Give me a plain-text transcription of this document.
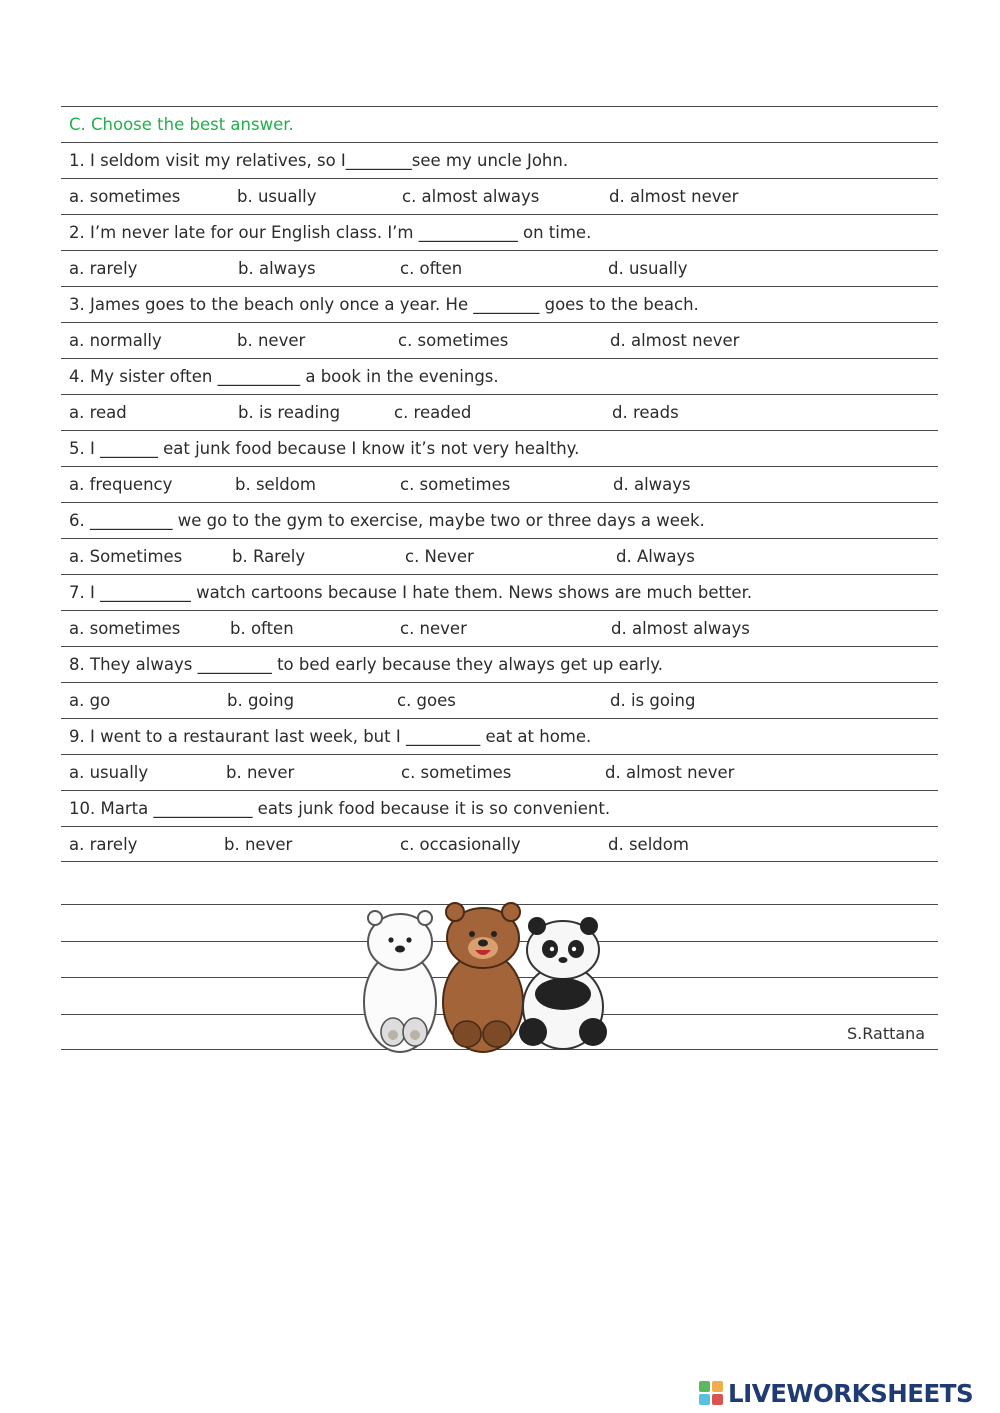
C. Choose the best answer.
1. I seldom visit my relatives, so I________see my uncle John.
a. sometimes	b. usually	c. almost always	d. almost never
2. I’m never late for our English class. I’m ____________ on time.
a. rarely	b. always	c. often	d. usually
3. James goes to the beach only once a year. He ________ goes to the beach.
a. normally	b. never	c. sometimes	d. almost never
4. My sister often __________ a book in the evenings.
a. read	b. is reading	c. readed	d. reads
5. I _______ eat junk food because I know it’s not very healthy.
a. frequency	b. seldom	c. sometimes	d. always
6. __________ we go to the gym to exercise, maybe two or three days a week.
a. Sometimes	b. Rarely	c. Never	d. Always
7. I ___________ watch cartoons because I hate them. News shows are much better.
a. sometimes	b. often	c. never	d. almost always
8. They always _________ to bed early because they always get up early.
a. go	b. going	c. goes	d. is going
9. I went to a restaurant last week, but I _________ eat at home.
a. usually	b. never	c. sometimes	d. almost never
10. Marta ____________ eats junk food because it is so convenient.
a. rarely	b. never	c. occasionally	d. seldom
S.Rattana
LIVEWORKSHEETS
